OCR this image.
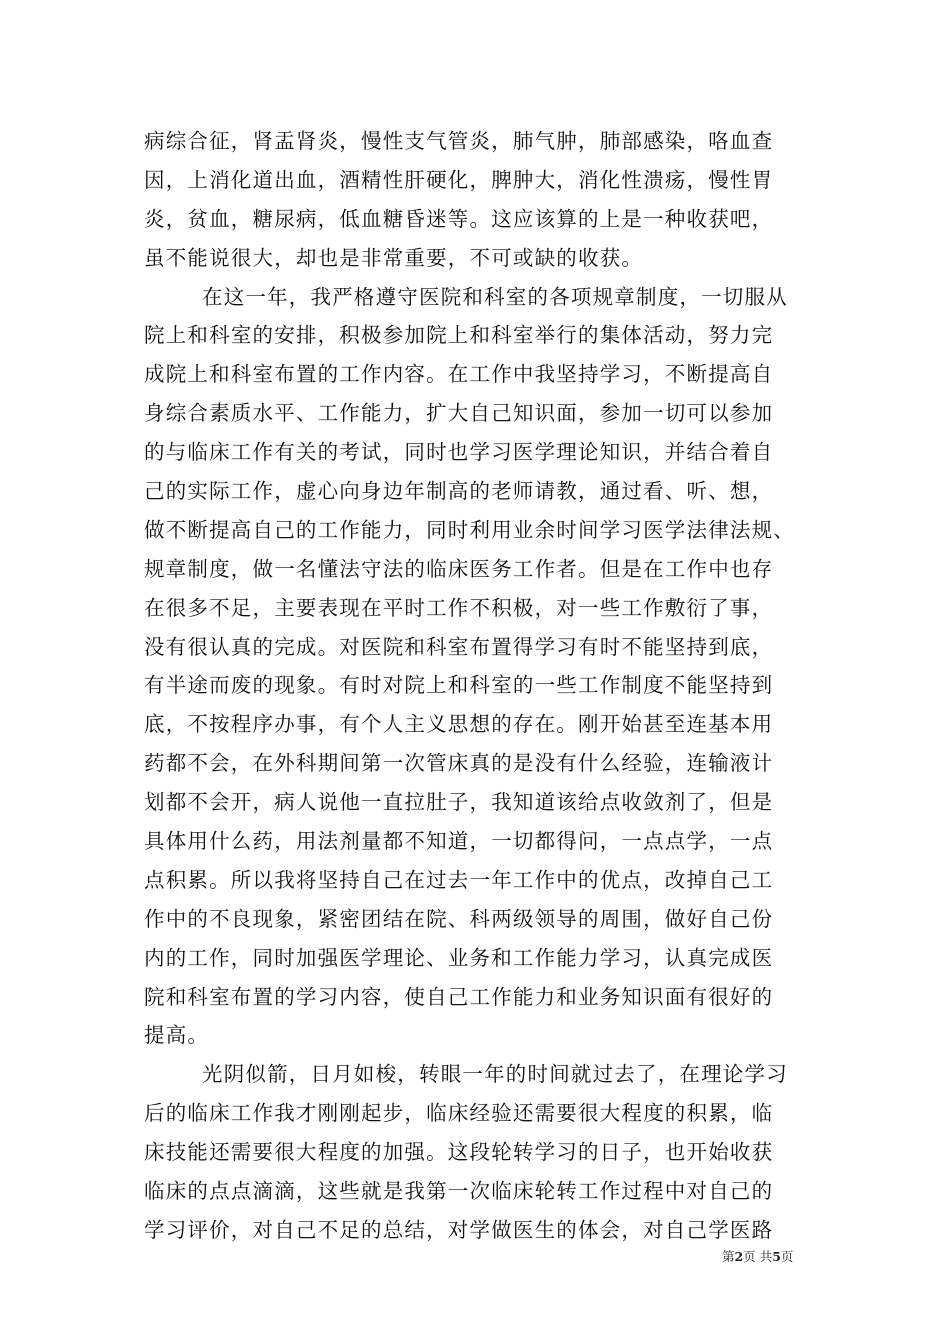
病综合征，肾盂肾炎，慢性支气管炎，肺气肿，肺部感染，咯血查
因，上消化道出血，酒精性肝硬化，脾肿大，消化性溃疡，慢性胃
炎，贫血，糖尿病，低血糖昏迷等。这应该算的上是一种收获吧，
虽不能说很大，却也是非常重要，不可或缺的收获。
在这一年，我严格遵守医院和科室的各项规章制度，一切服从
院上和科室的安排，积极参加院上和科室举行的集体活动，努力完
成院上和科室布置的工作内容。在工作中我坚持学习，不断提高自
身综合素质水平、工作能力，扩大自己知识面，参加一切可以参加
的与临床工作有关的考试，同时也学习医学理论知识，并结合着自
己的实际工作，虚心向身边年制高的老师请教，通过看、听、想，
做不断提高自己的工作能力，同时利用业余时间学习医学法律法规、
规章制度，做一名懂法守法的临床医务工作者。但是在工作中也存
在很多不足，主要表现在平时工作不积极，对一些工作敷衍了事，
没有很认真的完成。对医院和科室布置得学习有时不能坚持到底，
有半途而废的现象。有时对院上和科室的一些工作制度不能坚持到
底，不按程序办事，有个人主义思想的存在。刚开始甚至连基本用
药都不会，在外科期间第一次管床真的是没有什么经验，连输液计
划都不会开，病人说他一直拉肚子，我知道该给点收敛剂了，但是
具体用什么药，用法剂量都不知道，一切都得问，一点点学，一点
点积累。所以我将坚持自己在过去一年工作中的优点，改掉自己工
作中的不良现象，紧密团结在院、科两级领导的周围，做好自己份
内的工作，同时加强医学理论、业务和工作能力学习，认真完成医
院和科室布置的学习内容，使自己工作能力和业务知识面有很好的
提高。
光阴似箭，日月如梭，转眼一年的时间就过去了，在理论学习
后的临床工作我才刚刚起步，临床经验还需要很大程度的积累，临
床技能还需要很大程度的加强。这段轮转学习的日子，也开始收获
临床的点点滴滴，这些就是我第一次临床轮转工作过程中对自己的
学习评价，对自己不足的总结，对学做医生的体会，对自己学医路
第2页 共5页
